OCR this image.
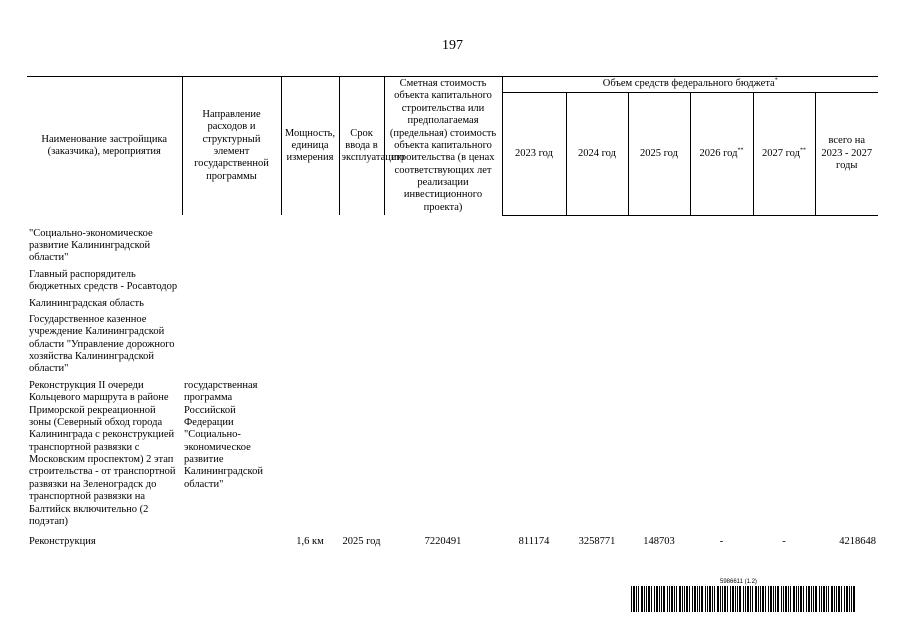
197
Наименование застройщика (заказчика), мероприятия	Направление расходов и структурный элемент государственной программы	Мощность, единица измерения	Срок ввода в эксплуатацию	Сметная стоимость объекта капитального строительства или предполагаемая (предельная) стоимость объекта капитального строительства (в ценах соответствующих лет реализации инвестиционного проекта)	Объем средств федерального бюджета*
					2023 год	2024 год	2025 год	2026 год**	2027 год**	всего на 2023 - 2027 годы

"Социально-экономическое развитие Калининградской области"
Главный распорядитель бюджетных средств - Росавтодор
Калининградская область
Государственное казенное учреждение Калининградской области "Управление дорожного хозяйства Калининградской области"										

Реконструкция II очереди Кольцевого маршрута в районе Приморской рекреационной зоны (Северный обход города Калининграда с реконструкцией транспортной развязки с Московским проспектом) 2 этап строительства - от транспортной развязки на Зеленоградск до транспортной развязки на Балтийск включительно (2 подэтап)	государственная программа Российской Федерации "Социально-экономическое развитие Калининградской области"									
Реконструкция		1,6 км	2025 год	7220491	811174	3258771	148703	-	-	4218648
5986611 (1.2)
